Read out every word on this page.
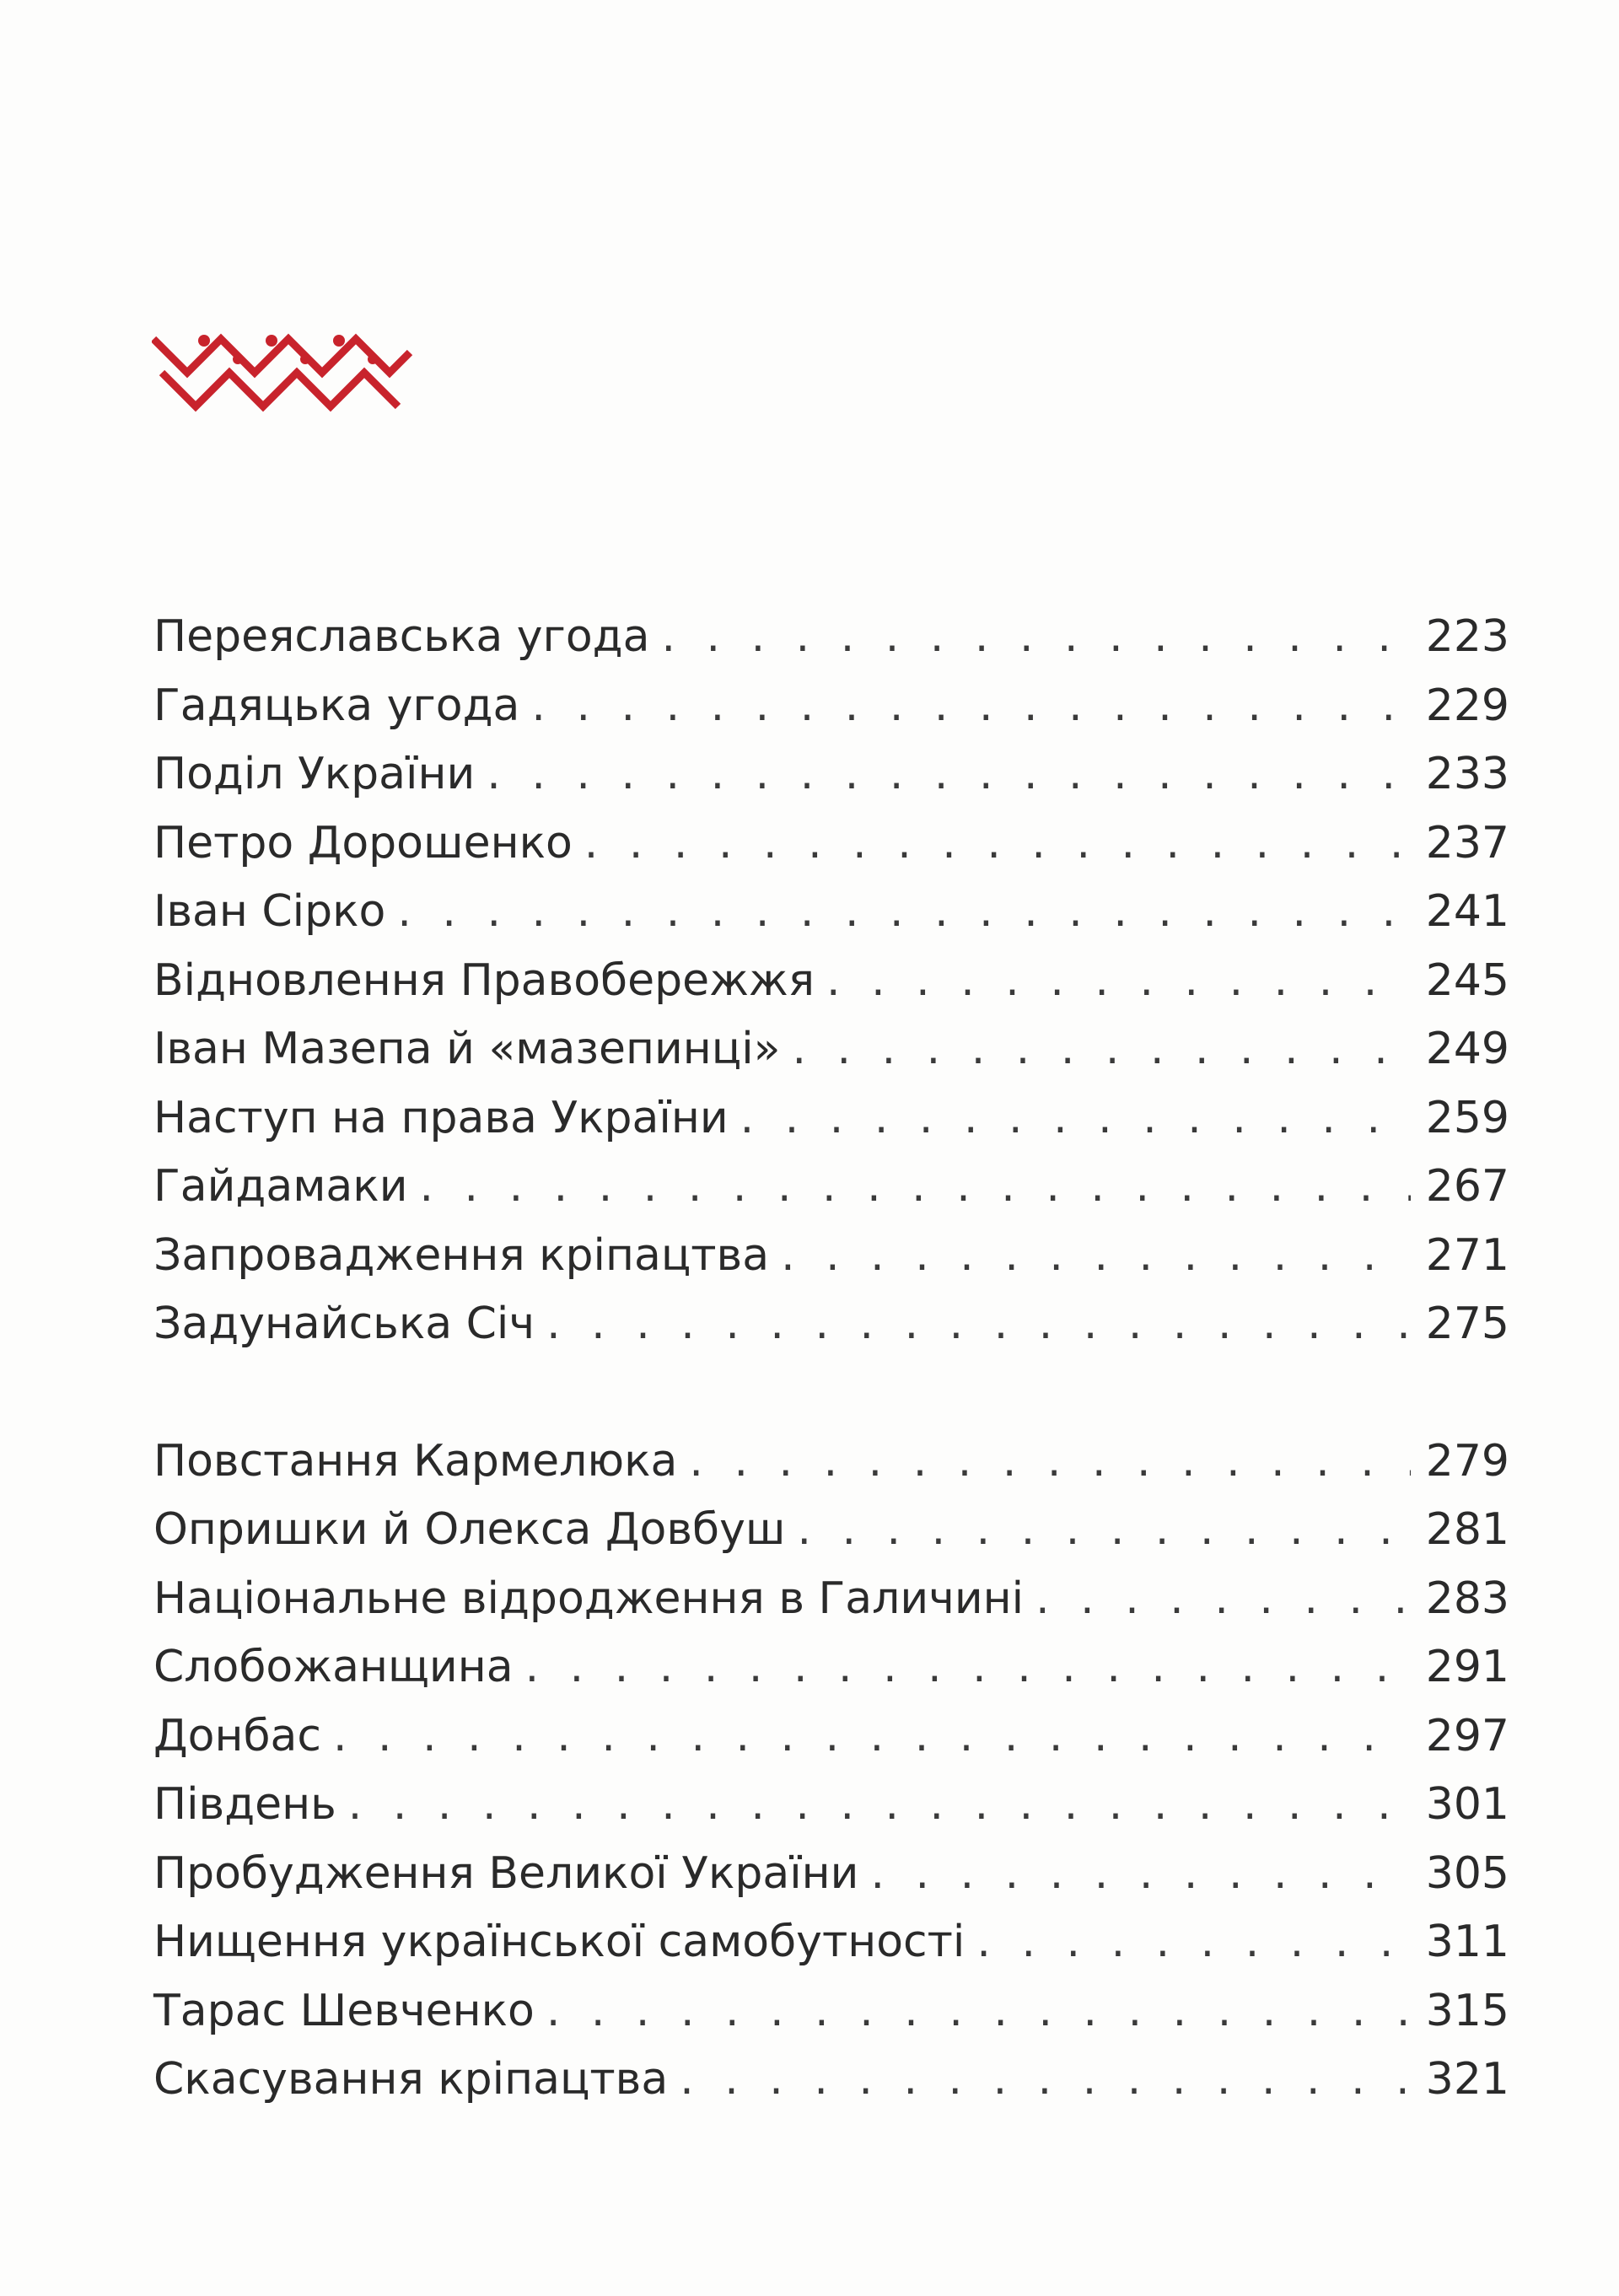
Переяславська угода . . .	223
Гадяцька угода . . .	229
Поділ України . . .	233
Петро Дорошенко . . .	237
Іван Сірко . . .	241
Відновлення Правобережжя . . .	245
Іван Мазепа й «мазепинці» . . .	249
Наступ на права України . . .	259
Гайдамаки . . .	267
Запровадження кріпацтва . . .	271
Задунайська Січ . . .	275
Повстання Кармелюка . . .	279
Опришки й Олекса Довбуш . . .	281
Національне відродження в Галичині . . .	283
Слобожанщина . . .	291
Донбас . . .	297
Південь . . .	301
Пробудження Великої України . . .	305
Нищення української самобутності . . .	311
Тарас Шевченко . . .	315
Скасування кріпацтва . . .	321
